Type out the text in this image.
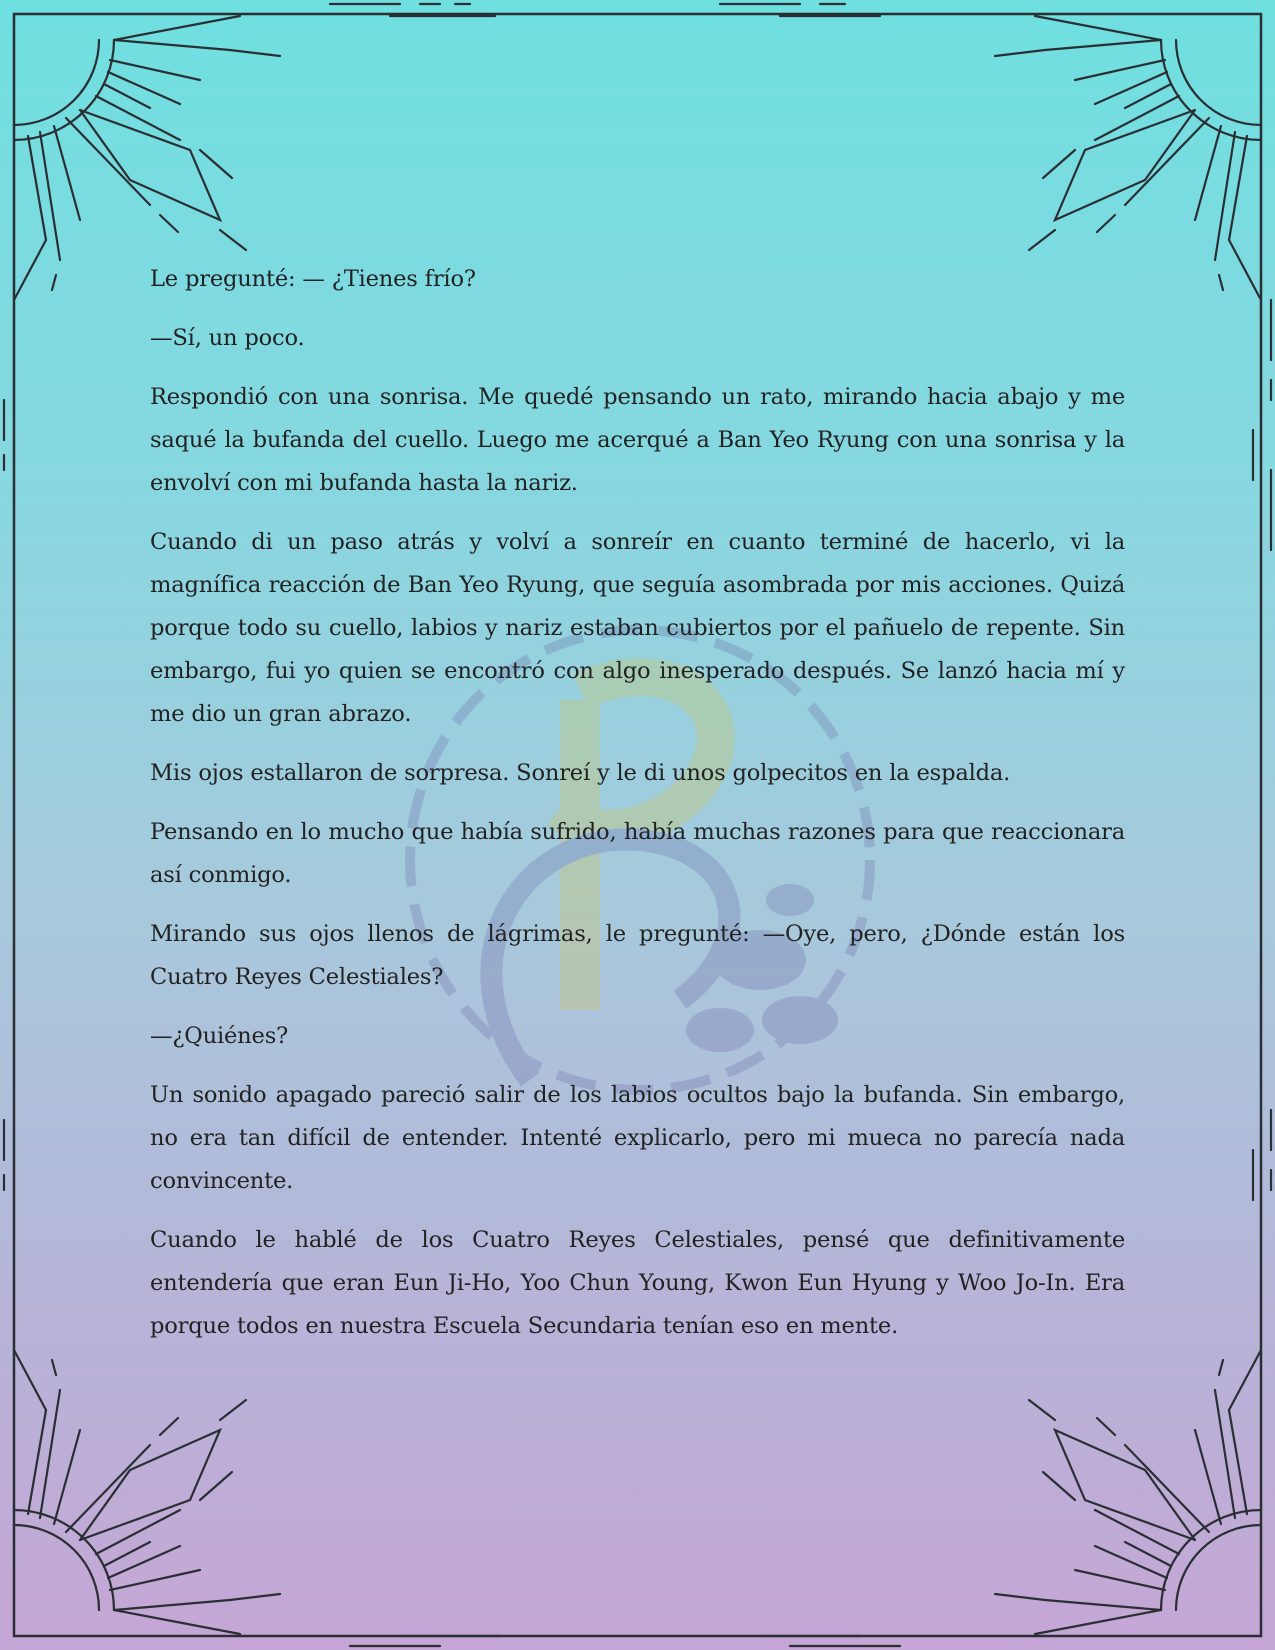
Le pregunté: — ¿Tienes frío?

—Sí, un poco.

Respondió con una sonrisa. Me quedé pensando un rato, mirando hacia abajo y me saqué la bufanda del cuello. Luego me acerqué a Ban Yeo Ryung con una sonrisa y la envolví con mi bufanda hasta la nariz.

Cuando di un paso atrás y volví a sonreír en cuanto terminé de hacerlo, vi la magnífica reacción de Ban Yeo Ryung, que seguía asombrada por mis acciones. Quizá porque todo su cuello, labios y nariz estaban cubiertos por el pañuelo de repente. Sin embargo, fui yo quien se encontró con algo inesperado después. Se lanzó hacia mí y me dio un gran abrazo.

Mis ojos estallaron de sorpresa. Sonreí y le di unos golpecitos en la espalda.

Pensando en lo mucho que había sufrido, había muchas razones para que reaccionara así conmigo.

Mirando sus ojos llenos de lágrimas, le pregunté: —Oye, pero, ¿Dónde están los Cuatro Reyes Celestiales?

—¿Quiénes?

Un sonido apagado pareció salir de los labios ocultos bajo la bufanda. Sin embargo, no era tan difícil de entender. Intenté explicarlo, pero mi mueca no parecía nada convincente.

Cuando le hablé de los Cuatro Reyes Celestiales, pensé que definitivamente entendería que eran Eun Ji-Ho, Yoo Chun Young, Kwon Eun Hyung y Woo Jo-In. Era porque todos en nuestra Escuela Secundaria tenían eso en mente.
